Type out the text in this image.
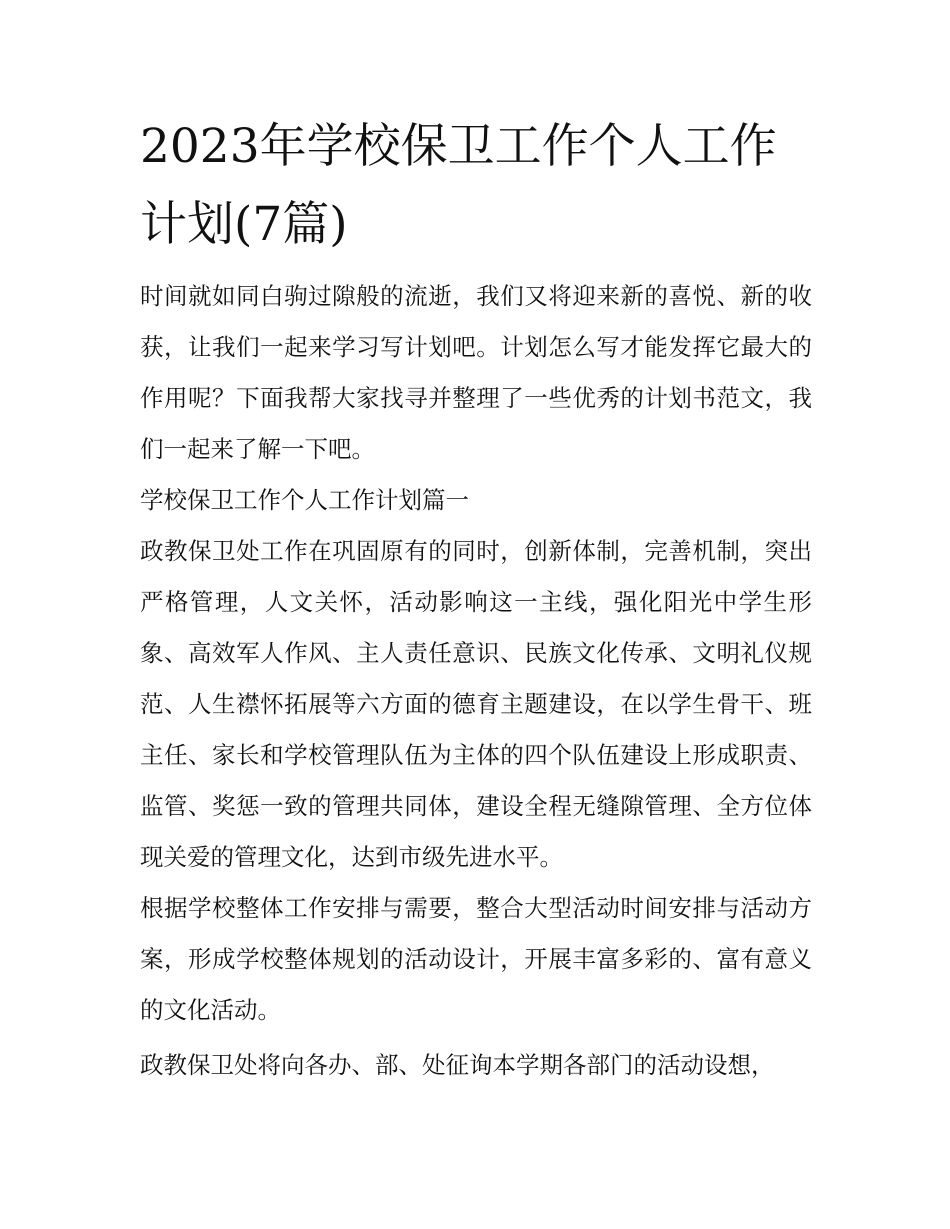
2023年学校保卫工作个人工作计划(7篇)

时间就如同白驹过隙般的流逝，我们又将迎来新的喜悦、新的收获，让我们一起来学习写计划吧。计划怎么写才能发挥它最大的作用呢？下面我帮大家找寻并整理了一些优秀的计划书范文，我们一起来了解一下吧。

学校保卫工作个人工作计划篇一

政教保卫处工作在巩固原有的同时，创新体制，完善机制，突出严格管理，人文关怀，活动影响这一主线，强化阳光中学生形象、高效军人作风、主人责任意识、民族文化传承、文明礼仪规范、人生襟怀拓展等六方面的德育主题建设，在以学生骨干、班主任、家长和学校管理队伍为主体的四个队伍建设上形成职责、监管、奖惩一致的管理共同体，建设全程无缝隙管理、全方位体现关爱的管理文化，达到市级先进水平。

根据学校整体工作安排与需要，整合大型活动时间安排与活动方案，形成学校整体规划的活动设计，开展丰富多彩的、富有意义的文化活动。

政教保卫处将向各办、部、处征询本学期各部门的活动设想，
